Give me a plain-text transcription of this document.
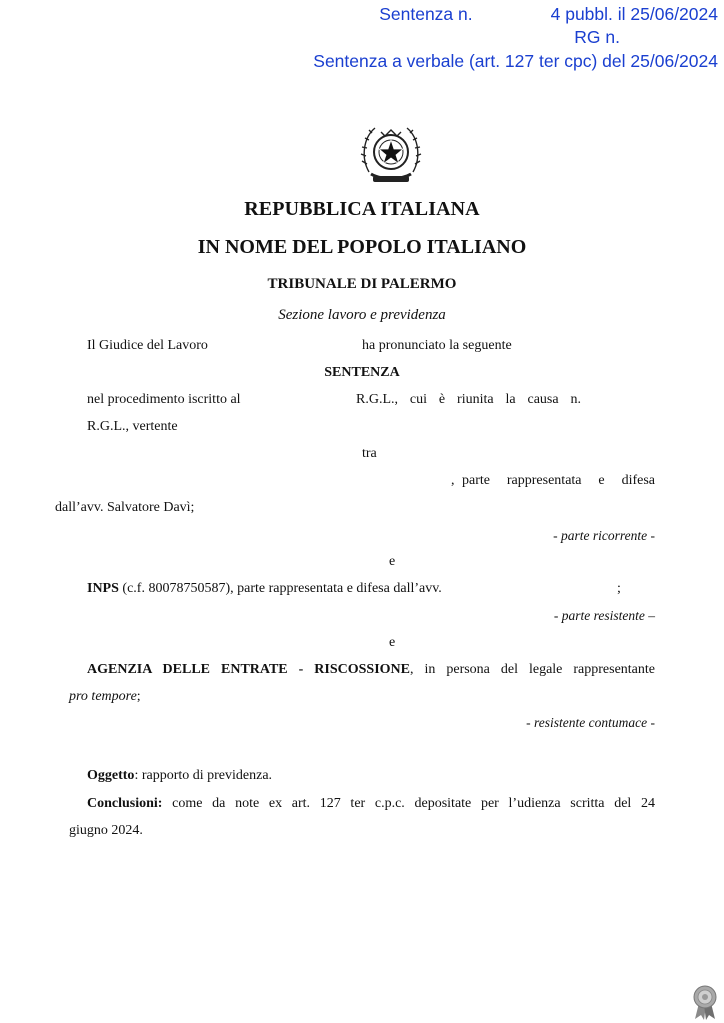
Sentenza n.	4 pubbl. il 25/06/2024
RG n.
Sentenza a verbale (art. 127 ter cpc) del 25/06/2024
REPUBBLICA ITALIANA
IN NOME DEL POPOLO ITALIANO
TRIBUNALE DI PALERMO
Sezione lavoro e previdenza
Il Giudice del Lavoro	ha pronunciato la seguente
SENTENZA
nel procedimento iscritto al	R.G.L., cui è riunita la causa n.
R.G.L., vertente
tra
, parte rappresentata e difesa
dall’avv. Salvatore Davì;
- parte ricorrente -
e
INPS (c.f. 80078750587), parte rappresentata e difesa dall’avv.	;
- parte resistente –
e
AGENZIA DELLE ENTRATE - RISCOSSIONE, in persona del legale rappresentante
pro tempore;
- resistente contumace -
Oggetto: rapporto di previdenza.
Conclusioni: come da note ex art. 127 ter c.p.c. depositate per l’udienza scritta del 24
giugno 2024.
